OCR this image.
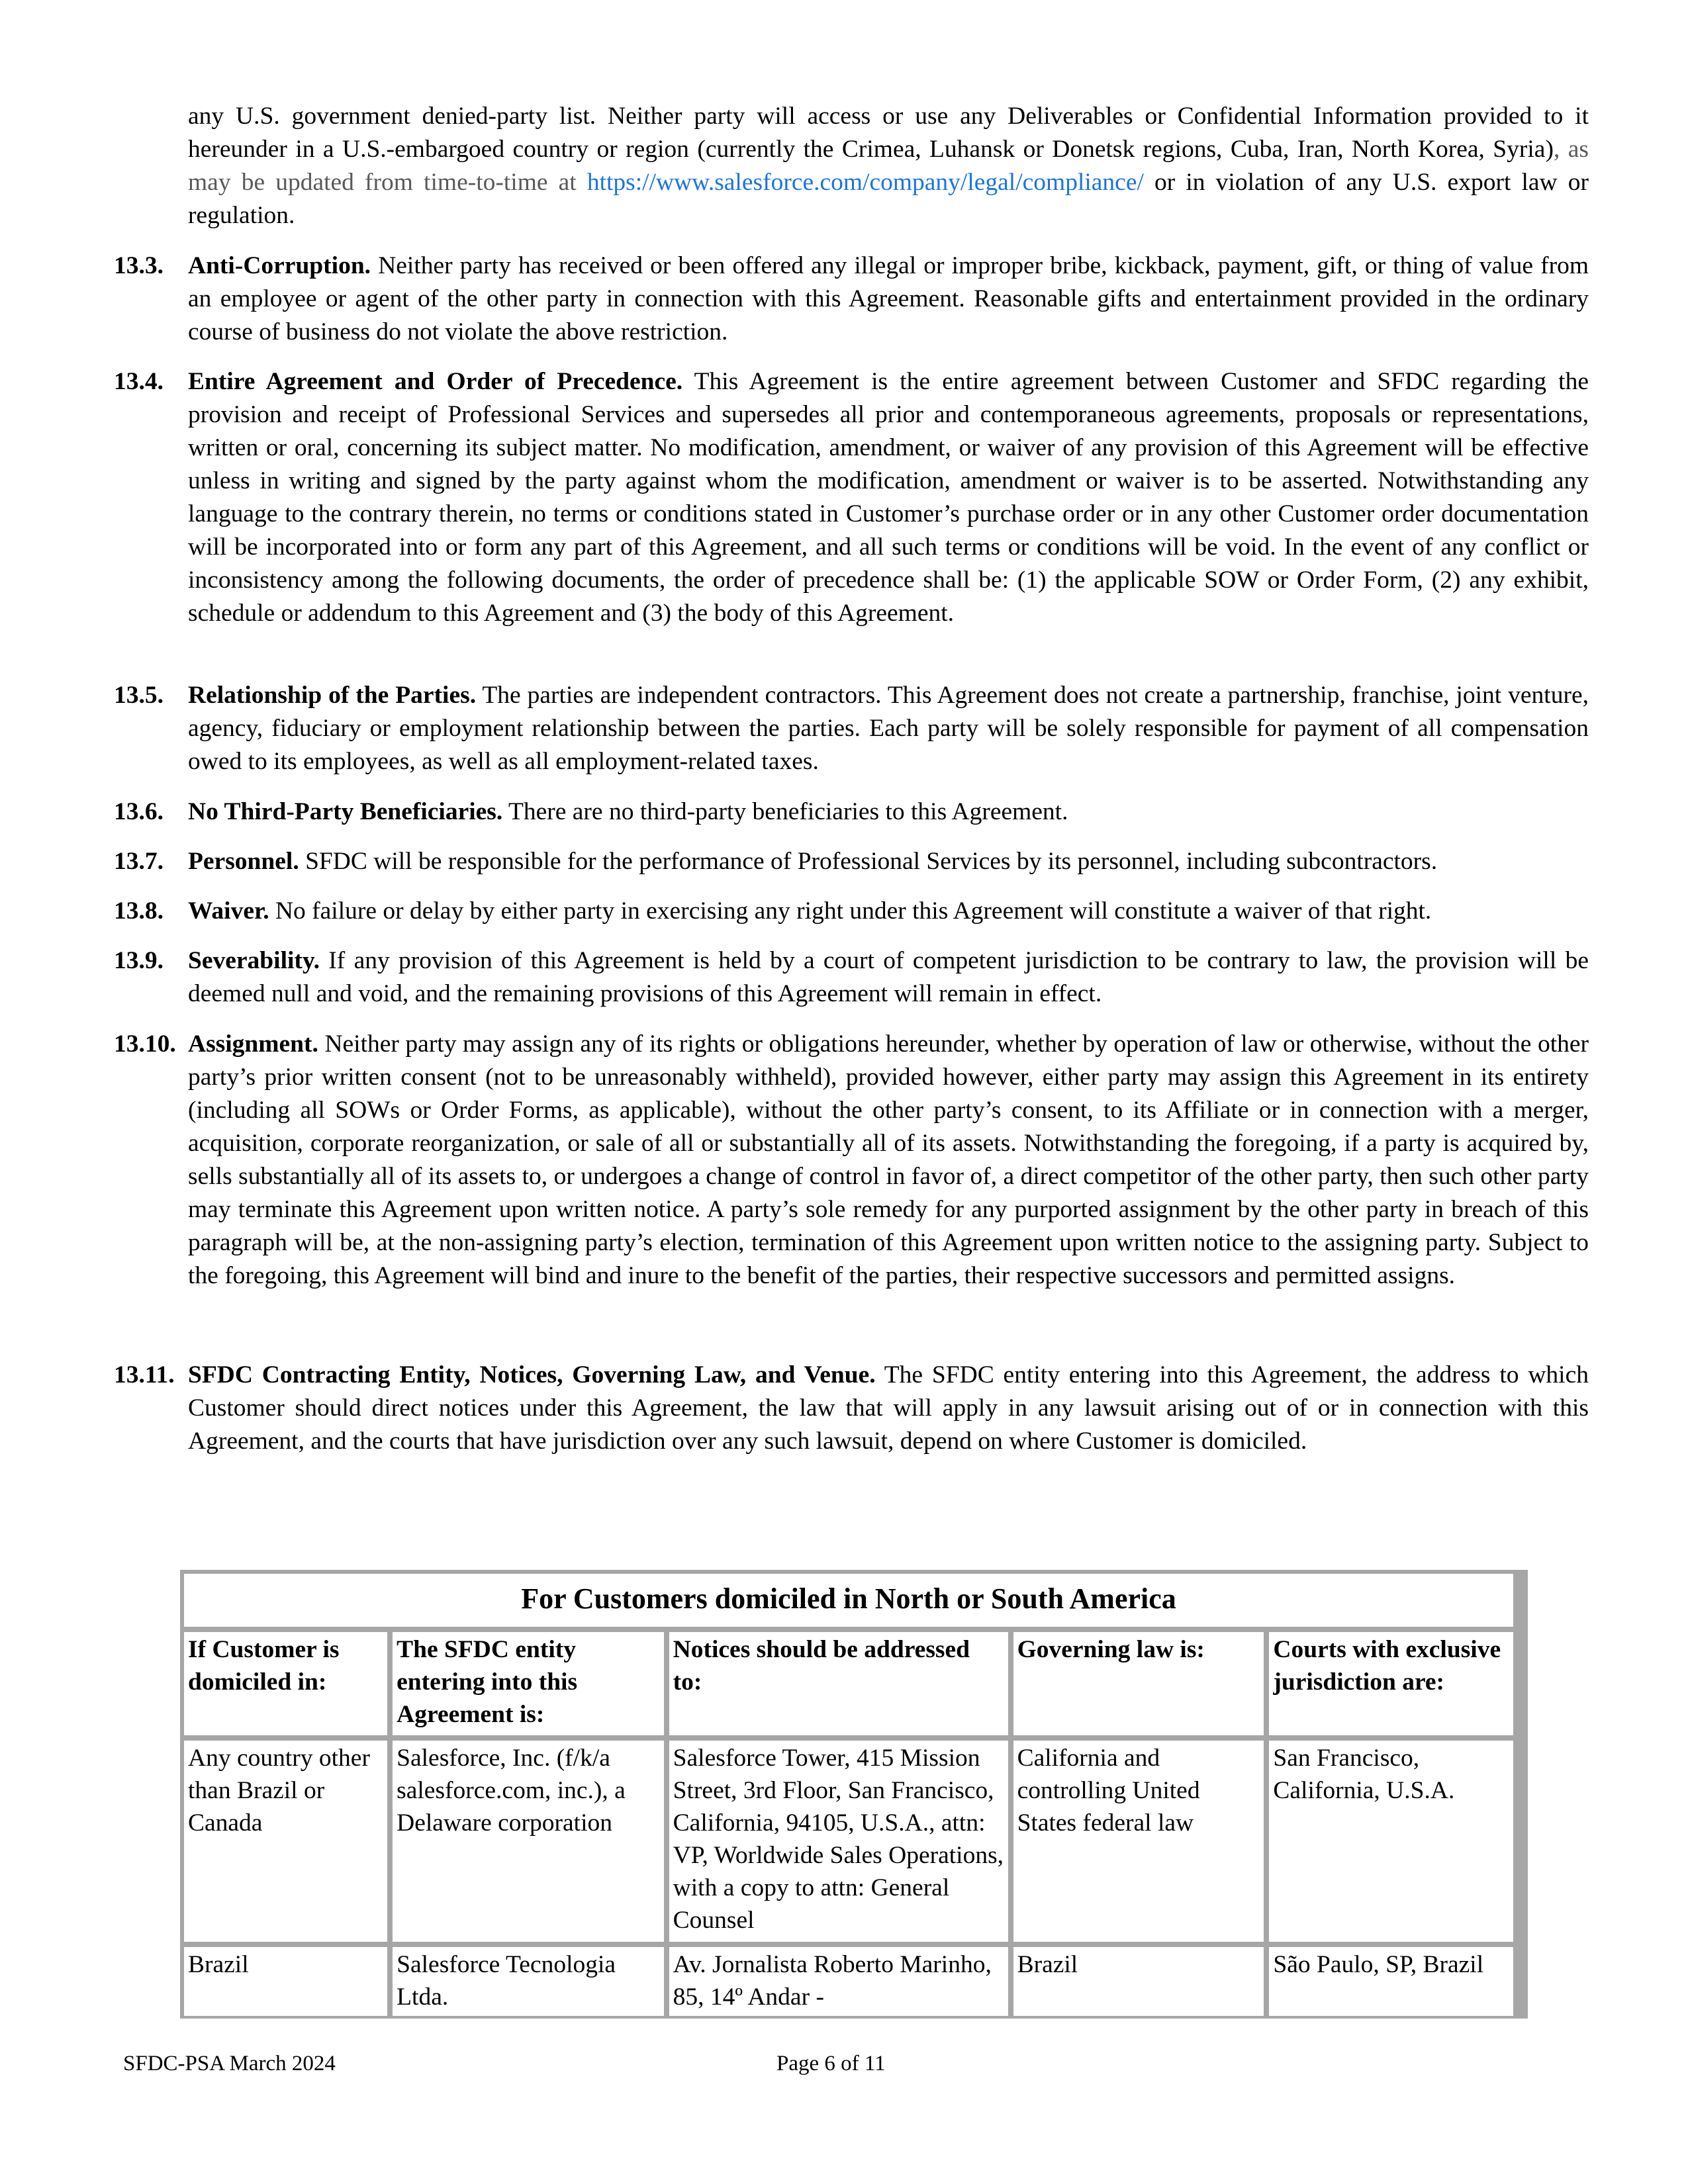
any U.S. government denied-party list. Neither party will access or use any Deliverables or Confidential Information provided to it hereunder in a U.S.-embargoed country or region (currently the Crimea, Luhansk or Donetsk regions, Cuba, Iran, North Korea, Syria), as may be updated from time-to-time at https://www.salesforce.com/company/legal/compliance/ or in violation of any U.S. export law or regulation.
13.3. Anti-Corruption. Neither party has received or been offered any illegal or improper bribe, kickback, payment, gift, or thing of value from an employee or agent of the other party in connection with this Agreement. Reasonable gifts and entertainment provided in the ordinary course of business do not violate the above restriction.
13.4. Entire Agreement and Order of Precedence. This Agreement is the entire agreement between Customer and SFDC regarding the provision and receipt of Professional Services and supersedes all prior and contemporaneous agreements, proposals or representations, written or oral, concerning its subject matter. No modification, amendment, or waiver of any provision of this Agreement will be effective unless in writing and signed by the party against whom the modification, amendment or waiver is to be asserted. Notwithstanding any language to the contrary therein, no terms or conditions stated in Customer’s purchase order or in any other Customer order documentation will be incorporated into or form any part of this Agreement, and all such terms or conditions will be void. In the event of any conflict or inconsistency among the following documents, the order of precedence shall be: (1) the applicable SOW or Order Form, (2) any exhibit, schedule or addendum to this Agreement and (3) the body of this Agreement.
13.5. Relationship of the Parties. The parties are independent contractors. This Agreement does not create a partnership, franchise, joint venture, agency, fiduciary or employment relationship between the parties. Each party will be solely responsible for payment of all compensation owed to its employees, as well as all employment-related taxes.
13.6. No Third-Party Beneficiaries. There are no third-party beneficiaries to this Agreement.
13.7. Personnel. SFDC will be responsible for the performance of Professional Services by its personnel, including subcontractors.
13.8. Waiver. No failure or delay by either party in exercising any right under this Agreement will constitute a waiver of that right.
13.9. Severability. If any provision of this Agreement is held by a court of competent jurisdiction to be contrary to law, the provision will be deemed null and void, and the remaining provisions of this Agreement will remain in effect.
13.10. Assignment. Neither party may assign any of its rights or obligations hereunder, whether by operation of law or otherwise, without the other party’s prior written consent (not to be unreasonably withheld), provided however, either party may assign this Agreement in its entirety (including all SOWs or Order Forms, as applicable), without the other party’s consent, to its Affiliate or in connection with a merger, acquisition, corporate reorganization, or sale of all or substantially all of its assets. Notwithstanding the foregoing, if a party is acquired by, sells substantially all of its assets to, or undergoes a change of control in favor of, a direct competitor of the other party, then such other party may terminate this Agreement upon written notice. A party’s sole remedy for any purported assignment by the other party in breach of this paragraph will be, at the non-assigning party’s election, termination of this Agreement upon written notice to the assigning party. Subject to the foregoing, this Agreement will bind and inure to the benefit of the parties, their respective successors and permitted assigns.
13.11. SFDC Contracting Entity, Notices, Governing Law, and Venue. The SFDC entity entering into this Agreement, the address to which Customer should direct notices under this Agreement, the law that will apply in any lawsuit arising out of or in connection with this Agreement, and the courts that have jurisdiction over any such lawsuit, depend on where Customer is domiciled.
For Customers domiciled in North or South America				
If Customer is domiciled in:	The SFDC entity entering into this Agreement is:	Notices should be addressed to:	Governing law is:	Courts with exclusive jurisdiction are:
Any country other than Brazil or Canada	Salesforce, Inc. (f/k/a salesforce.com, inc.), a Delaware corporation	Salesforce Tower, 415 Mission Street, 3rd Floor, San Francisco, California, 94105, U.S.A., attn: VP, Worldwide Sales Operations, with a copy to attn: General Counsel	California and controlling United States federal law	San Francisco, California, U.S.A.
Brazil	Salesforce Tecnologia Ltda.	Av. Jornalista Roberto Marinho, 85, 14º Andar -	Brazil	São Paulo, SP, Brazil
SFDC-PSA March 2024	Page 6 of 11
